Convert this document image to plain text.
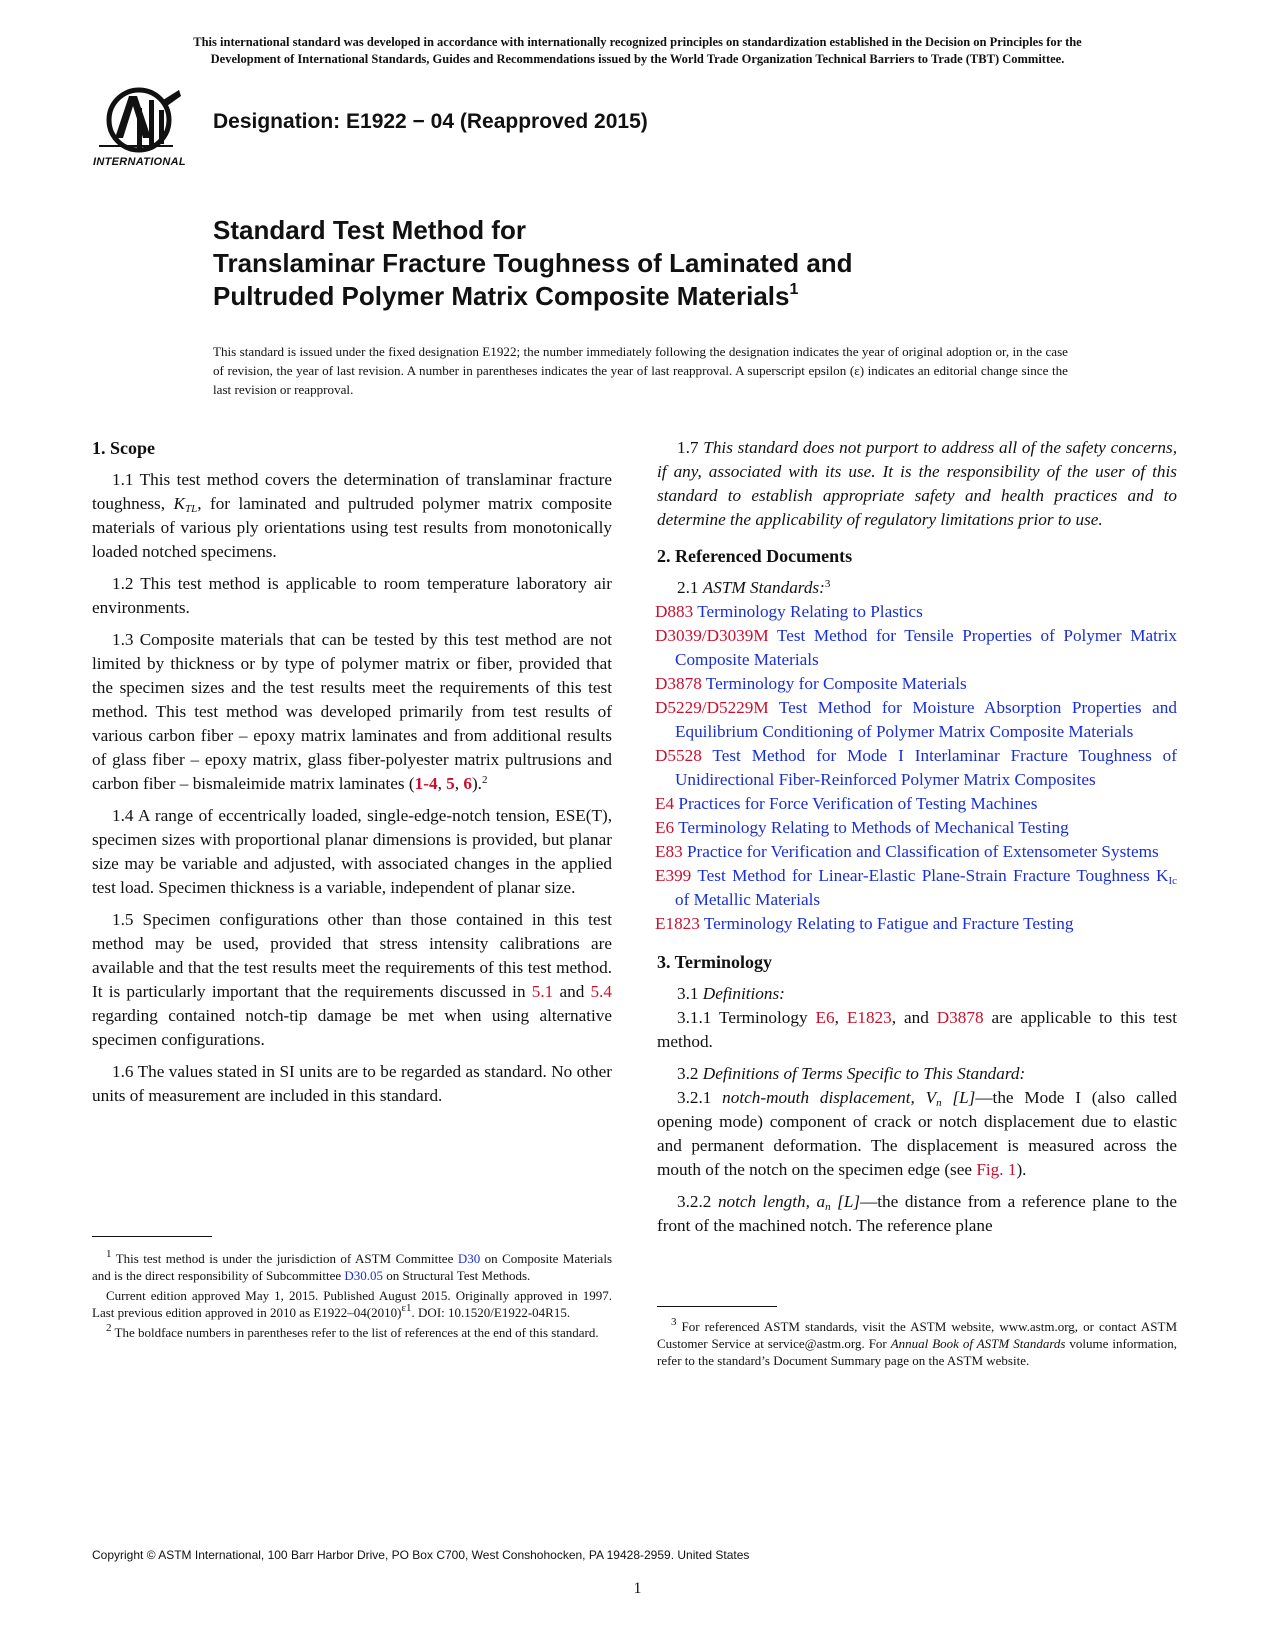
This international standard was developed in accordance with internationally recognized principles on standardization established in the Decision on Principles for the
Development of International Standards, Guides and Recommendations issued by the World Trade Organization Technical Barriers to Trade (TBT) Committee.
INTERNATIONAL
Designation: E1922 − 04 (Reapproved 2015)
Standard Test Method for
Translaminar Fracture Toughness of Laminated and
Pultruded Polymer Matrix Composite Materials$^1$
This standard is issued under the fixed designation E1922; the number immediately following the designation indicates the year of original adoption or, in the case of revision, the year of last revision. A number in parentheses indicates the year of last reapproval. A superscript epsilon (ε) indicates an editorial change since the last revision or reapproval.
1. Scope

1.1 This test method covers the determination of translaminar fracture toughness, $K_{TL}$, for laminated and pultruded polymer matrix composite materials of various ply orientations using test results from monotonically loaded notched specimens.

1.2 This test method is applicable to room temperature laboratory air environments.

1.3 Composite materials that can be tested by this test method are not limited by thickness or by type of polymer matrix or fiber, provided that the specimen sizes and the test results meet the requirements of this test method. This test method was developed primarily from test results of various carbon fiber – epoxy matrix laminates and from additional results of glass fiber – epoxy matrix, glass fiber-polyester matrix pultrusions and carbon fiber – bismaleimide matrix laminates (1-4, 5, 6).$^2$

1.4 A range of eccentrically loaded, single-edge-notch tension, ESE(T), specimen sizes with proportional planar dimensions is provided, but planar size may be variable and adjusted, with associated changes in the applied test load. Specimen thickness is a variable, independent of planar size.

1.5 Specimen configurations other than those contained in this test method may be used, provided that stress intensity calibrations are available and that the test results meet the requirements of this test method. It is particularly important that the requirements discussed in 5.1 and 5.4 regarding contained notch-tip damage be met when using alternative specimen configurations.

1.6 The values stated in SI units are to be regarded as standard. No other units of measurement are included in this standard.

$^1$ This test method is under the jurisdiction of ASTM Committee D30 on Composite Materials and is the direct responsibility of Subcommittee D30.05 on Structural Test Methods.

Current edition approved May 1, 2015. Published August 2015. Originally approved in 1997. Last previous edition approved in 2010 as $E1922-04(2010)^{\varepsilon 1}$. DOI: 10.1520/E1922-04R15.

$^2$ The boldface numbers in parentheses refer to the list of references at the end of this standard.

1.7 This standard does not purport to address all of the safety concerns, if any, associated with its use. It is the responsibility of the user of this standard to establish appropriate safety and health practices and to determine the applicability of regulatory limitations prior to use.

2. Referenced Documents

2.1 ASTM Standards:$^3$

D883 Terminology Relating to Plastics
D3039/D3039M Test Method for Tensile Properties of Polymer Matrix Composite Materials
D3878 Terminology for Composite Materials
D5229/D5229M Test Method for Moisture Absorption Properties and Equilibrium Conditioning of Polymer Matrix Composite Materials
D5528 Test Method for Mode I Interlaminar Fracture Toughness of Unidirectional Fiber-Reinforced Polymer Matrix Composites
E4 Practices for Force Verification of Testing Machines
E6 Terminology Relating to Methods of Mechanical Testing
E83 Practice for Verification and Classification of Extensometer Systems
E399 Test Method for Linear-Elastic Plane-Strain Fracture Toughness $K_{Ic}$ of Metallic Materials
E1823 Terminology Relating to Fatigue and Fracture Testing
3. Terminology

3.1 Definitions:

3.1.1 Terminology E6, E1823, and D3878 are applicable to this test method.

3.2 Definitions of Terms Specific to This Standard:

3.2.1 notch-mouth displacement, $V_n$ [L]—the Mode I (also called opening mode) component of crack or notch displacement due to elastic and permanent deformation. The displacement is measured across the mouth of the notch on the specimen edge (see Fig. 1).

3.2.2 notch length, $a_n$ [L]—the distance from a reference plane to the front of the machined notch. The reference plane

$^3$ For referenced ASTM standards, visit the ASTM website, www.astm.org, or contact ASTM Customer Service at service@astm.org. For Annual Book of ASTM Standards volume information, refer to the standard’s Document Summary page on the ASTM website.

Copyright © ASTM International, 100 Barr Harbor Drive, PO Box C700, West Conshohocken, PA 19428-2959. United States
1
